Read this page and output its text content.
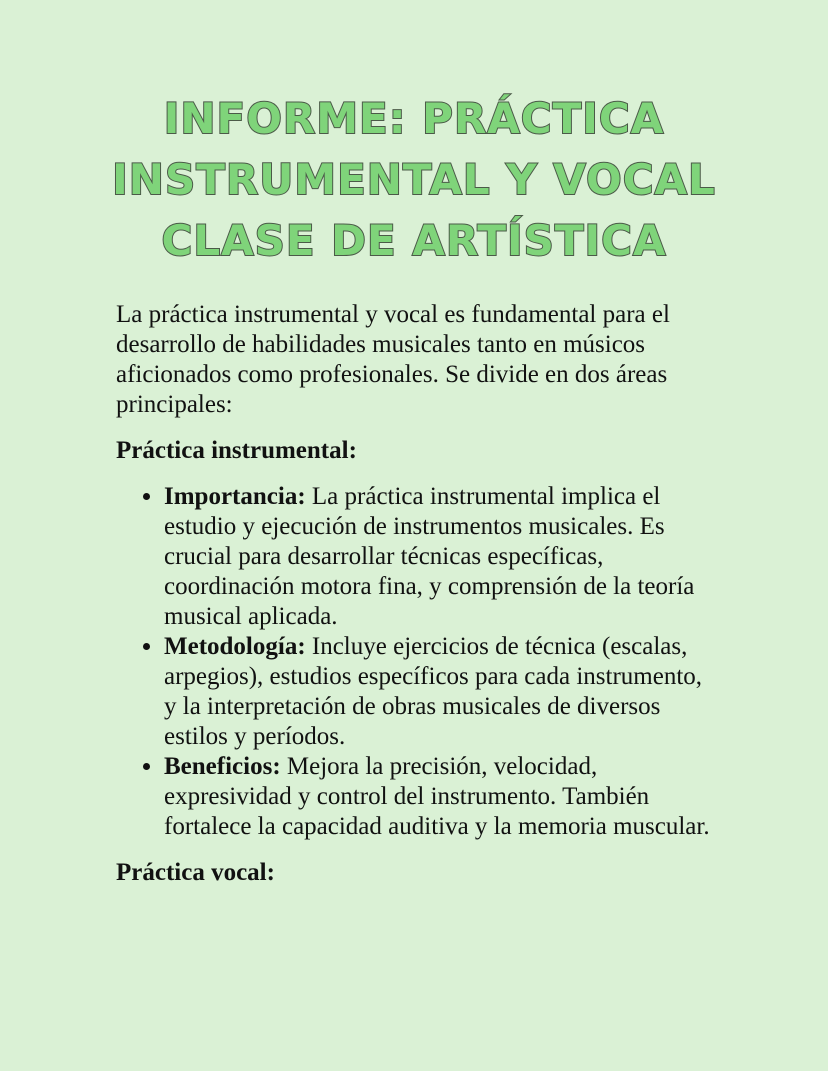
INFORME: PRÁCTICA
INSTRUMENTAL Y VOCAL
CLASE DE ARTÍSTICA

La práctica instrumental y vocal es fundamental para el desarrollo de habilidades musicales tanto en músicos aficionados como profesionales. Se divide en dos áreas principales:

Práctica instrumental:
• Importancia: La práctica instrumental implica el estudio y ejecución de instrumentos musicales. Es crucial para desarrollar técnicas específicas, coordinación motora fina, y comprensión de la teoría musical aplicada.
• Metodología: Incluye ejercicios de técnica (escalas, arpegios), estudios específicos para cada instrumento, y la interpretación de obras musicales de diversos estilos y períodos.
• Beneficios: Mejora la precisión, velocidad, expresividad y control del instrumento. También fortalece la capacidad auditiva y la memoria muscular.
Práctica vocal:
